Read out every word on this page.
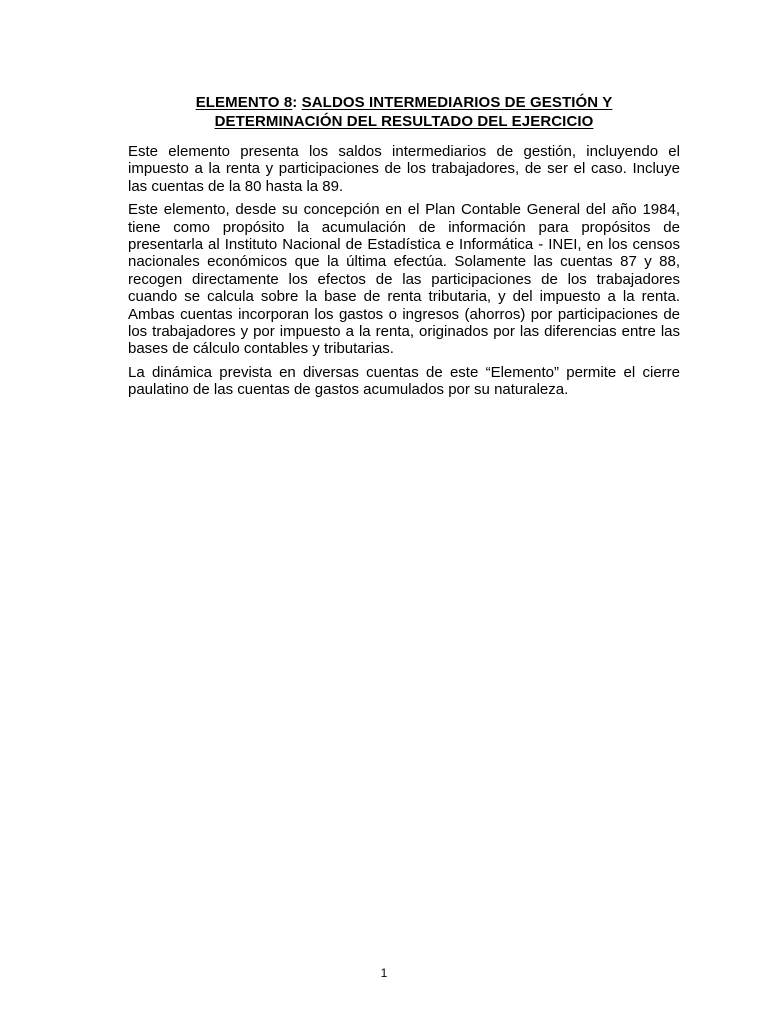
ELEMENTO 8: SALDOS INTERMEDIARIOS DE GESTIÓN Y
DETERMINACIÓN DEL RESULTADO DEL EJERCICIO

Este elemento presenta los saldos intermediarios de gestión, incluyendo el impuesto a la renta y participaciones de los trabajadores, de ser el caso. Incluye las cuentas de la 80 hasta la 89.

Este elemento, desde su concepción en el Plan Contable General del año 1984, tiene como propósito la acumulación de información para propósitos de presentarla al Instituto Nacional de Estadística e Informática - INEI, en los censos nacionales económicos que la última efectúa. Solamente las cuentas 87 y 88, recogen directamente los efectos de las participaciones de los trabajadores cuando se calcula sobre la base de renta tributaria, y del impuesto a la renta. Ambas cuentas incorporan los gastos o ingresos (ahorros) por participaciones de los trabajadores y por impuesto a la renta, originados por las diferencias entre las bases de cálculo contables y tributarias.

La dinámica prevista en diversas cuentas de este “Elemento” permite el cierre paulatino de las cuentas de gastos acumulados por su naturaleza.

1
